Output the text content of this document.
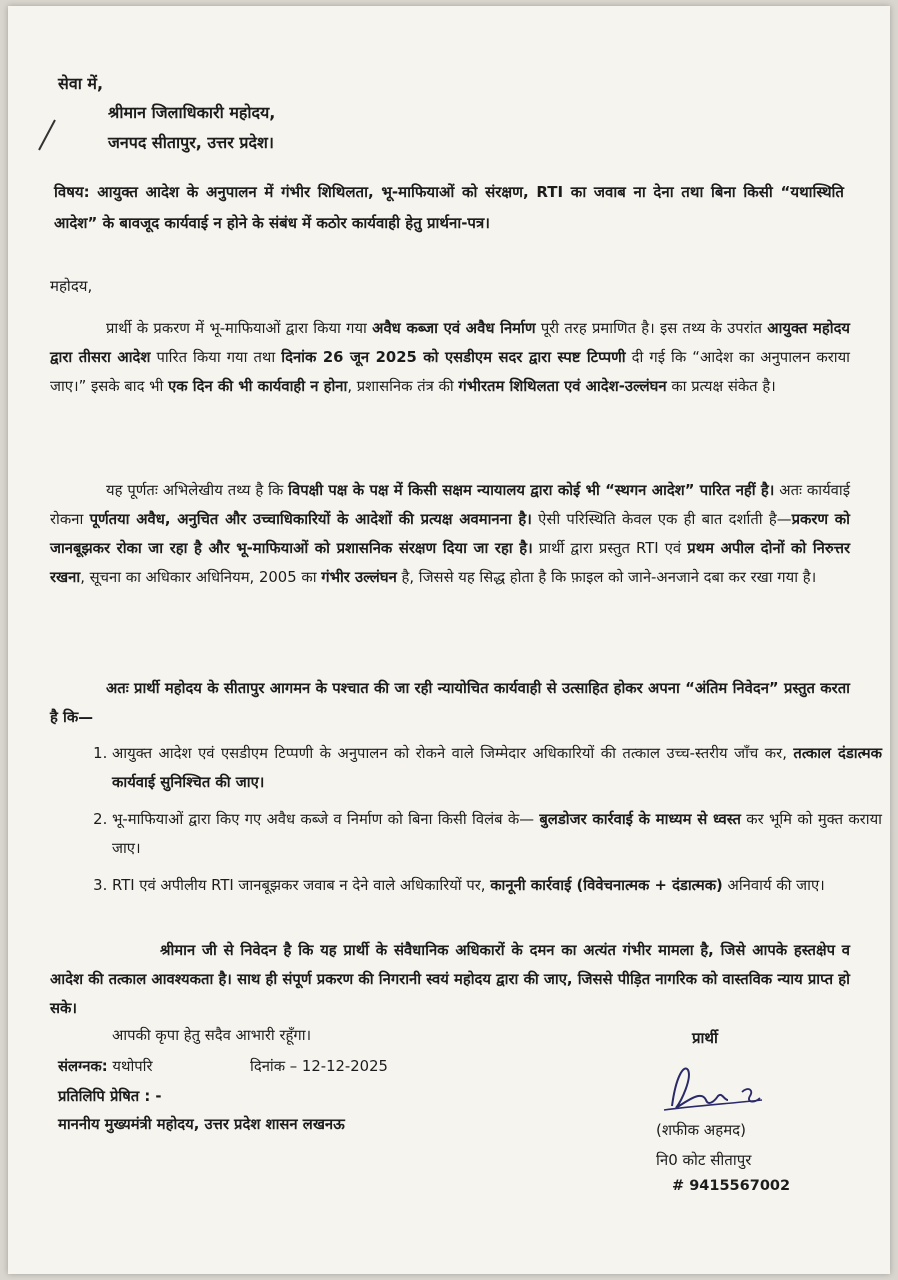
सेवा में,
श्रीमान जिलाधिकारी महोदय,
जनपद सीतापुर, उत्तर प्रदेश।
विषय: आयुक्त आदेश के अनुपालन में गंभीर शिथिलता, भू-माफियाओं को संरक्षण, RTI का जवाब ना देना तथा बिना किसी “यथास्थिति आदेश” के बावजूद कार्यवाई न होने के संबंध में कठोर कार्यवाही हेतु प्रार्थना-पत्र।
महोदय,
प्रार्थी के प्रकरण में भू-माफियाओं द्वारा किया गया अवैध कब्जा एवं अवैध निर्माण पूरी तरह प्रमाणित है। इस तथ्य के उपरांत आयुक्त महोदय द्वारा तीसरा आदेश पारित किया गया तथा दिनांक 26 जून 2025 को एसडीएम सदर द्वारा स्पष्ट टिप्पणी दी गई कि “आदेश का अनुपालन कराया जाए।” इसके बाद भी एक दिन की भी कार्यवाही न होना, प्रशासनिक तंत्र की गंभीरतम शिथिलता एवं आदेश-उल्लंघन का प्रत्यक्ष संकेत है।
यह पूर्णतः अभिलेखीय तथ्य है कि विपक्षी पक्ष के पक्ष में किसी सक्षम न्यायालय द्वारा कोई भी “स्थगन आदेश” पारित नहीं है। अतः कार्यवाई रोकना पूर्णतया अवैध, अनुचित और उच्चाधिकारियों के आदेशों की प्रत्यक्ष अवमानना है। ऐसी परिस्थिति केवल एक ही बात दर्शाती है—प्रकरण को जानबूझकर रोका जा रहा है और भू-माफियाओं को प्रशासनिक संरक्षण दिया जा रहा है। प्रार्थी द्वारा प्रस्तुत RTI एवं प्रथम अपील दोनों को निरुत्तर रखना, सूचना का अधिकार अधिनियम, 2005 का गंभीर उल्लंघन है, जिससे यह सिद्ध होता है कि फ़ाइल को जाने-अनजाने दबा कर रखा गया है।
अतः प्रार्थी महोदय के सीतापुर आगमन के पश्चात की जा रही न्यायोचित कार्यवाही से उत्साहित होकर अपना “अंतिम निवेदन” प्रस्तुत करता है कि—
1. आयुक्त आदेश एवं एसडीएम टिप्पणी के अनुपालन को रोकने वाले जिम्मेदार अधिकारियों की तत्काल उच्च-स्तरीय जाँच कर, तत्काल दंडात्मक कार्यवाई सुनिश्चित की जाए।
2. भू-माफियाओं द्वारा किए गए अवैध कब्जे व निर्माण को बिना किसी विलंब के— बुलडोजर कार्रवाई के माध्यम से ध्वस्त कर भूमि को मुक्त कराया जाए।
3. RTI एवं अपीलीय RTI जानबूझकर जवाब न देने वाले अधिकारियों पर, कानूनी कार्रवाई (विवेचनात्मक + दंडात्मक) अनिवार्य की जाए।
श्रीमान जी से निवेदन है कि यह प्रार्थी के संवैधानिक अधिकारों के दमन का अत्यंत गंभीर मामला है, जिसे आपके हस्तक्षेप व आदेश की तत्काल आवश्यकता है। साथ ही संपूर्ण प्रकरण की निगरानी स्वयं महोदय द्वारा की जाए, जिससे पीड़ित नागरिक को वास्तविक न्याय प्राप्त हो सके।
आपकी कृपा हेतु सदैव आभारी रहूँगा।	प्रार्थी
संलग्नक: यथोपरि	दिनांक – 12-12-2025
प्रतिलिपि प्रेषित : -
माननीय मुख्यमंत्री महोदय, उत्तर प्रदेश शासन लखनऊ	(शफीक अहमद)
नि0 कोट सीतापुर
# 9415567002
